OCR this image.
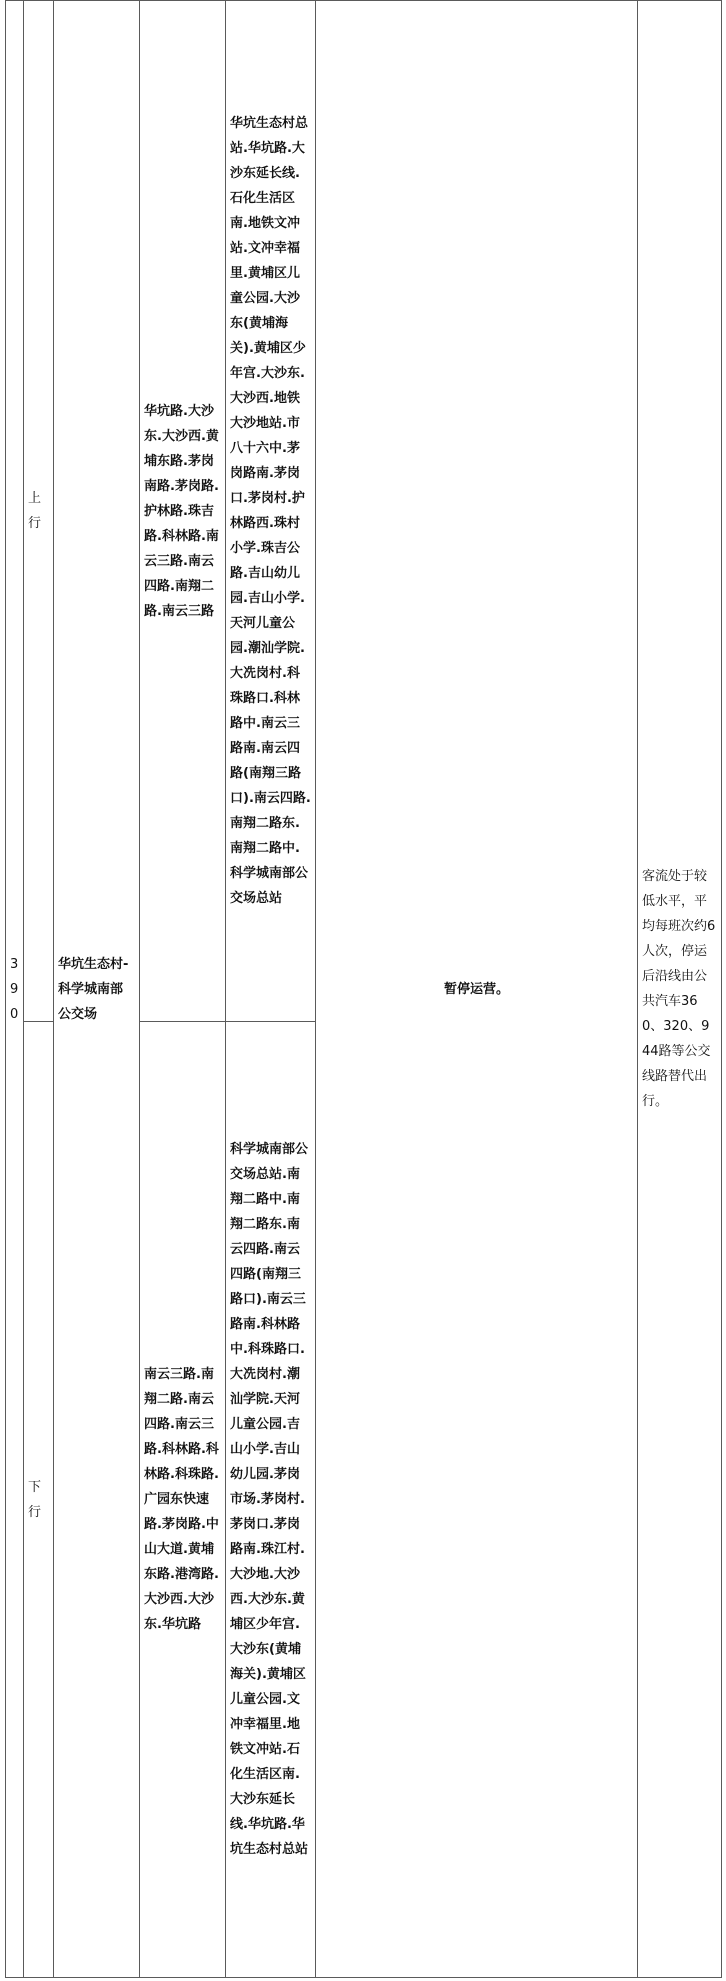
390	上行	华坑生态村-科学城南部公交场	华坑路.大沙东.大沙西.黄埔东路.茅岗南路.茅岗路.护林路.珠吉路.科林路.南云三路.南云四路.南翔二路.南云三路	华坑生态村总站.华坑路.大沙东延长线.石化生活区南.地铁文冲站.文冲幸福里.黄埔区儿童公园.大沙东(黄埔海关).黄埔区少年宫.大沙东.大沙西.地铁大沙地站.市八十六中.茅岗路南.茅岗口.茅岗村.护林路西.珠村小学.珠吉公路.吉山幼儿园.吉山小学.天河儿童公园.潮汕学院.大冼岗村.科珠路口.科林路中.南云三路南.南云四路(南翔三路口).南云四路.南翔二路东.南翔二路中.科学城南部公交场总站	暂停运营。	客流处于较低水平，平均每班次约6人次，停运后沿线由公共汽车360、320、944路等公交线路替代出行。

	下行		南云三路.南翔二路.南云四路.南云三路.科林路.科林路.科珠路.广园东快速路.茅岗路.中山大道.黄埔东路.港湾路.大沙西.大沙东.华坑路	科学城南部公交场总站.南翔二路中.南翔二路东.南云四路.南云四路(南翔三路口).南云三路南.科林路中.科珠路口.大冼岗村.潮汕学院.天河儿童公园.吉山小学.吉山幼儿园.茅岗市场.茅岗村.茅岗口.茅岗路南.珠江村.大沙地.大沙西.大沙东.黄埔区少年宫.大沙东(黄埔海关).黄埔区儿童公园.文冲幸福里.地铁文冲站.石化生活区南.大沙东延长线.华坑路.华坑生态村总站		
